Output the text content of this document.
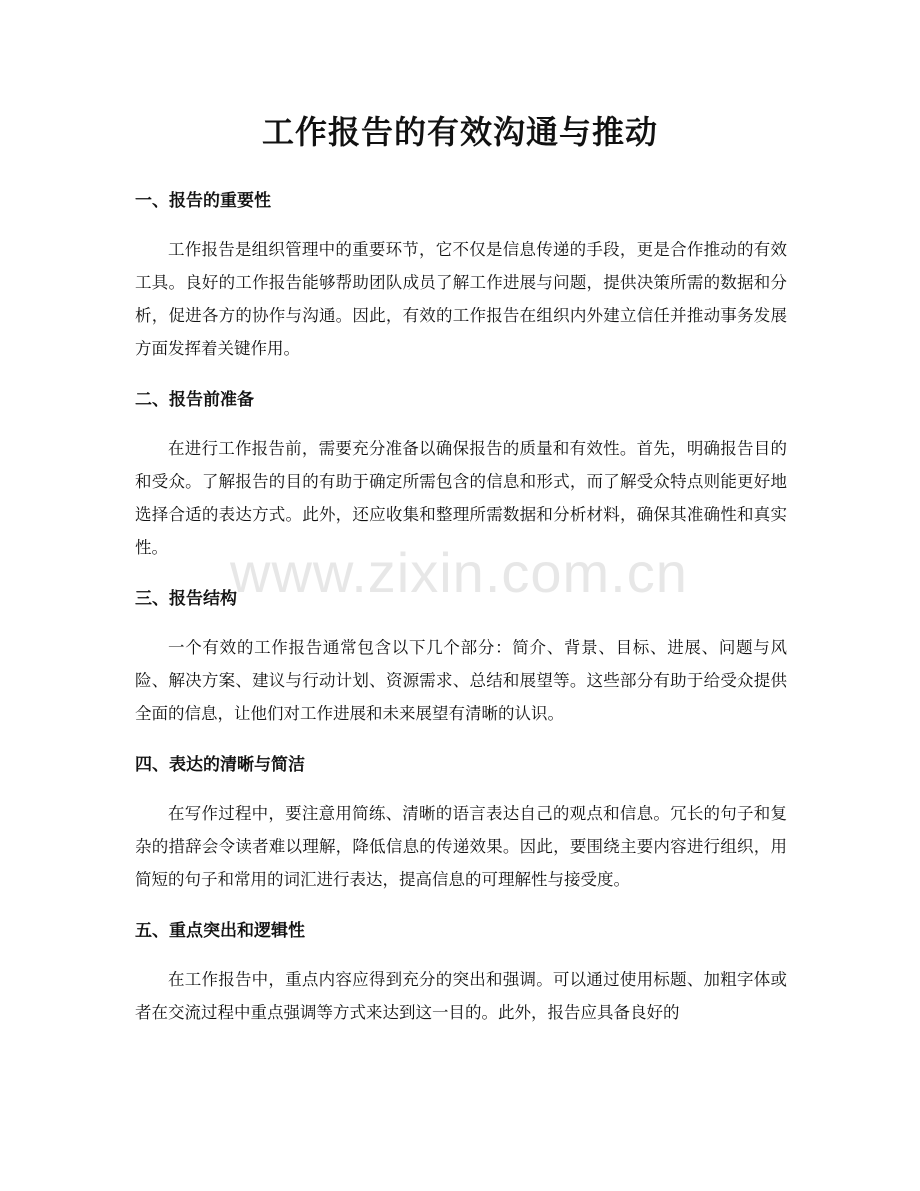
工作报告的有效沟通与推动
一、报告的重要性

工作报告是组织管理中的重要环节，它不仅是信息传递的手段，更是合作推动的有效工具。良好的工作报告能够帮助团队成员了解工作进展与问题，提供决策所需的数据和分析，促进各方的协作与沟通。因此，有效的工作报告在组织内外建立信任并推动事务发展方面发挥着关键作用。

二、报告前准备

在进行工作报告前，需要充分准备以确保报告的质量和有效性。首先，明确报告目的和受众。了解报告的目的有助于确定所需包含的信息和形式，而了解受众特点则能更好地选择合适的表达方式。此外，还应收集和整理所需数据和分析材料，确保其准确性和真实性。

三、报告结构

一个有效的工作报告通常包含以下几个部分：简介、背景、目标、进展、问题与风险、解决方案、建议与行动计划、资源需求、总结和展望等。这些部分有助于给受众提供全面的信息，让他们对工作进展和未来展望有清晰的认识。

四、表达的清晰与简洁

在写作过程中，要注意用简练、清晰的语言表达自己的观点和信息。冗长的句子和复杂的措辞会令读者难以理解，降低信息的传递效果。因此，要围绕主要内容进行组织，用简短的句子和常用的词汇进行表达，提高信息的可理解性与接受度。

五、重点突出和逻辑性

在工作报告中，重点内容应得到充分的突出和强调。可以通过使用标题、加粗字体或者在交流过程中重点强调等方式来达到这一目的。此外，报告应具备良好的

www.zixin.com.cn
